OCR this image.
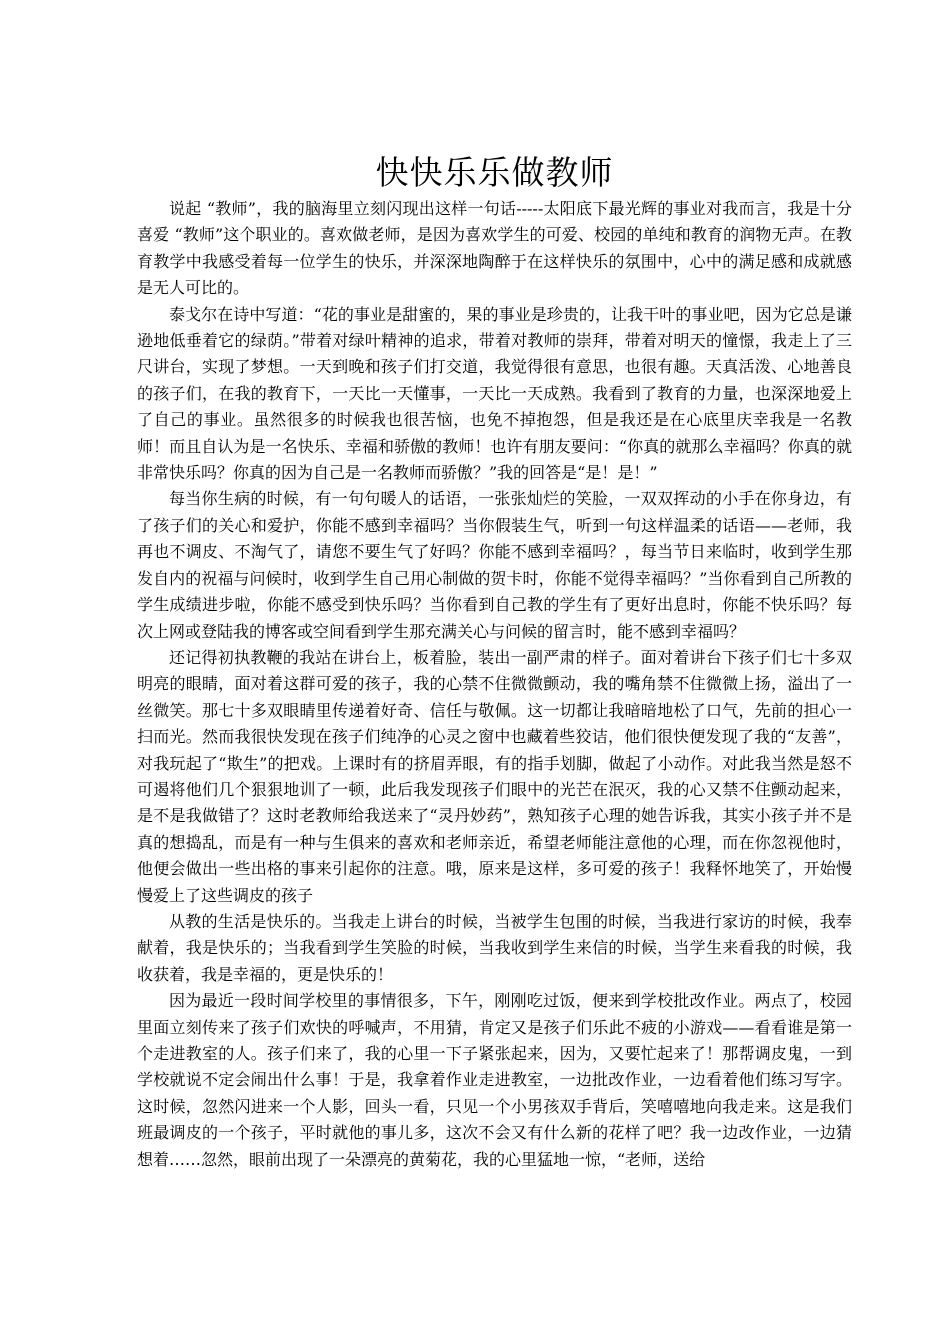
快快乐乐做教师

说起 “教师”，我的脑海里立刻闪现出这样一句话-----太阳底下最光辉的事业对我而言，我是十分喜爱 “教师”这个职业的。喜欢做老师，是因为喜欢学生的可爱、校园的单纯和教育的润物无声。在教育教学中我感受着每一位学生的快乐，并深深地陶醉于在这样快乐的氛围中，心中的满足感和成就感是无人可比的。

泰戈尔在诗中写道：“花的事业是甜蜜的，果的事业是珍贵的，让我干叶的事业吧，因为它总是谦逊地低垂着它的绿荫。”带着对绿叶精神的追求，带着对教师的崇拜，带着对明天的憧憬，我走上了三尺讲台，实现了梦想。一天到晚和孩子们打交道，我觉得很有意思，也很有趣。天真活泼、心地善良的孩子们，在我的教育下，一天比一天懂事，一天比一天成熟。我看到了教育的力量，也深深地爱上了自己的事业。虽然很多的时候我也很苦恼，也免不掉抱怨，但是我还是在心底里庆幸我是一名教师！而且自认为是一名快乐、幸福和骄傲的教师！也许有朋友要问：“你真的就那么幸福吗？你真的就非常快乐吗？你真的因为自己是一名教师而骄傲？”我的回答是“是！是！”

每当你生病的时候，有一句句暖人的话语，一张张灿烂的笑脸，一双双挥动的小手在你身边，有了孩子们的关心和爱护，你能不感到幸福吗？当你假装生气，听到一句这样温柔的话语——老师，我再也不调皮、不淘气了，请您不要生气了好吗？你能不感到幸福吗？，每当节日来临时，收到学生那发自内的祝福与问候时，收到学生自己用心制做的贺卡时，你能不觉得幸福吗？”当你看到自己所教的学生成绩进步啦，你能不感受到快乐吗？当你看到自己教的学生有了更好出息时，你能不快乐吗？每次上网或登陆我的博客或空间看到学生那充满关心与问候的留言时，能不感到幸福吗？

还记得初执教鞭的我站在讲台上，板着脸，装出一副严肃的样子。面对着讲台下孩子们七十多双明亮的眼睛，面对着这群可爱的孩子，我的心禁不住微微颤动，我的嘴角禁不住微微上扬，溢出了一丝微笑。那七十多双眼睛里传递着好奇、信任与敬佩。这一切都让我暗暗地松了口气，先前的担心一扫而光。然而我很快发现在孩子们纯净的心灵之窗中也藏着些狡诘，他们很快便发现了我的“友善”，对我玩起了“欺生”的把戏。上课时有的挤眉弄眼，有的指手划脚，做起了小动作。对此我当然是怒不可遏将他们几个狠狠地训了一顿，此后我发现孩子们眼中的光芒在泯灭，我的心又禁不住颤动起来，是不是我做错了？这时老教师给我送来了“灵丹妙药”，熟知孩子心理的她告诉我，其实小孩子并不是真的想捣乱，而是有一种与生俱来的喜欢和老师亲近，希望老师能注意他的心理，而在你忽视他时，他便会做出一些出格的事来引起你的注意。哦，原来是这样，多可爱的孩子！我释怀地笑了，开始慢慢爱上了这些调皮的孩子

从教的生活是快乐的。当我走上讲台的时候，当被学生包围的时候，当我进行家访的时候，我奉献着，我是快乐的；当我看到学生笑脸的时候，当我收到学生来信的时候，当学生来看我的时候，我收获着，我是幸福的，更是快乐的！

因为最近一段时间学校里的事情很多，下午，刚刚吃过饭，便来到学校批改作业。两点了，校园里面立刻传来了孩子们欢快的呼喊声，不用猜，肯定又是孩子们乐此不疲的小游戏——看看谁是第一个走进教室的人。孩子们来了，我的心里一下子紧张起来，因为，又要忙起来了！那帮调皮鬼，一到学校就说不定会闹出什么事！于是，我拿着作业走进教室，一边批改作业，一边看着他们练习写字。这时候，忽然闪进来一个人影，回头一看，只见一个小男孩双手背后，笑嘻嘻地向我走来。这是我们班最调皮的一个孩子，平时就他的事儿多，这次不会又有什么新的花样了吧？我一边改作业，一边猜想着……忽然，眼前出现了一朵漂亮的黄菊花，我的心里猛地一惊，“老师，送给
